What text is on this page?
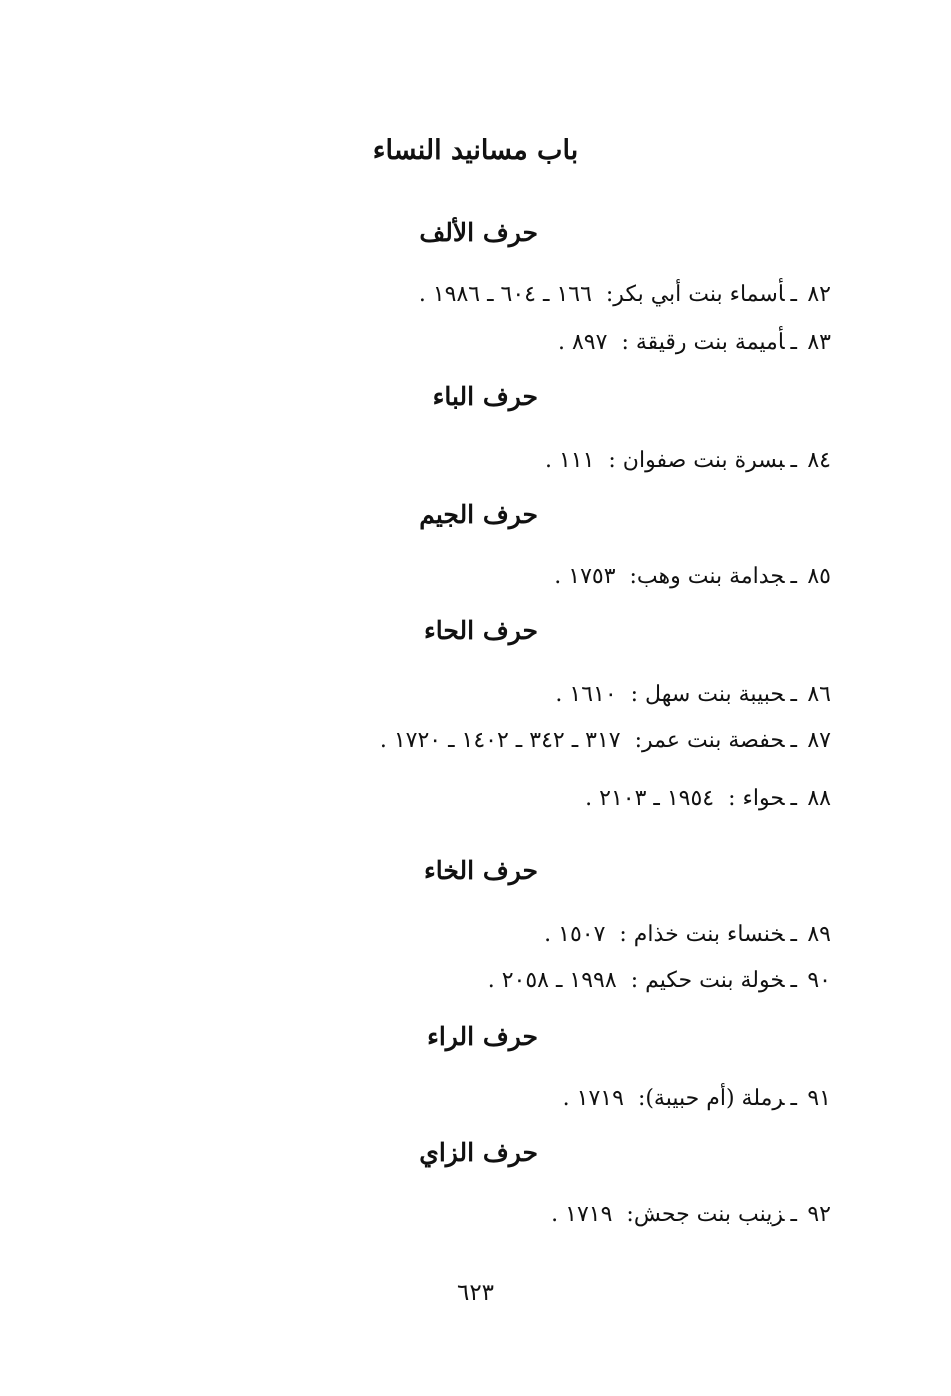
باب مسانيد النساء
حرف الألف
٨٢ـأسماء بنت أبي بكر:١٦٦ ـ ٦٠٤ ـ ١٩٨٦ .
٨٣ـأميمة بنت رقيقة :٨٩٧ .
حرف الباء
٨٤ـبسرة بنت صفوان :١١١ .
حرف الجيم
٨٥ـجدامة بنت وهب:١٧٥٣ .
حرف الحاء
٨٦ـحبيبة بنت سهل :١٦١٠ .
٨٧ـحفصة بنت عمر:٣١٧ ـ ٣٤٢ ـ ١٤٠٢ ـ ١٧٢٠ .
٨٨ـحواء :١٩٥٤ ـ ٢١٠٣ .
حرف الخاء
٨٩ـخنساء بنت خذام :١٥٠٧ .
٩٠ـخولة بنت حكيم :١٩٩٨ ـ ٢٠٥٨ .
حرف الراء
٩١ـرملة (أم حبيبة):١٧١٩ .
حرف الزاي
٩٢ـزينب بنت جحش:١٧١٩ .
٦٢٣
